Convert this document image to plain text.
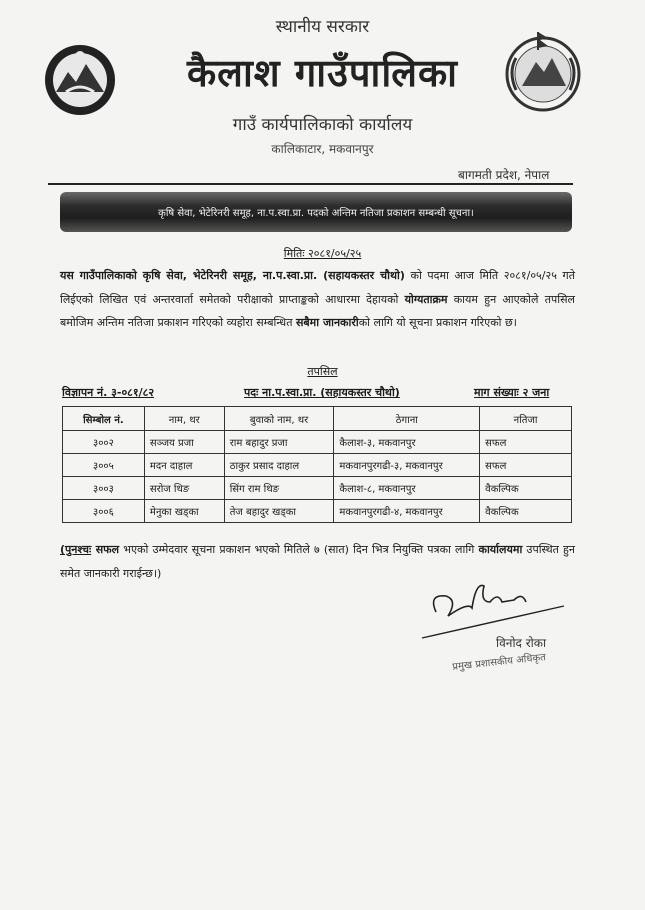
स्थानीय सरकार
कैलाश गाउँपालिका
गाउँ कार्यपालिकाको कार्यालय
कालिकाटार, मकवानपुर
बागमती प्रदेश, नेपाल
कृषि सेवा, भेटेरिनरी समूह, ना.प.स्वा.प्रा. पदको अन्तिम नतिजा प्रकाशन सम्बन्धी सूचना।
मितिः २०८१/०५/२५
यस गाउँपालिकाको कृषि सेवा, भेटेरिनरी समूह, ना.प.स्वा.प्रा. (सहायकस्तर चौथो) को पदमा आज मिति २०८१/०५/२५ गते लिईएको लिखित एवं अन्तरवार्ता समेतको परीक्षाको प्राप्ताङ्कको आधारमा देहायको योग्यताक्रम कायम हुन आएकोले तपसिल बमोजिम अन्तिम नतिजा प्रकाशन गरिएको व्यहोरा सम्बन्धित सबैमा जानकारीको लागि यो सूचना प्रकाशन गरिएको छ।
तपसिल
विज्ञापन नं. ३-०८१/८२	पदः ना.प.स्वा.प्रा. (सहायकस्तर चौथो)	माग संख्याः २ जना
सिम्बोल नं.	नाम, थर	बुवाको नाम, थर	ठेगाना	नतिजा
३००२	सञ्जय प्रजा	राम बहादुर प्रजा	कैलाश-३, मकवानपुर	सफल
३००५	मदन दाहाल	ठाकुर प्रसाद दाहाल	मकवानपुरगढी-३, मकवानपुर	सफल
३००३	सरोज थिङ	सिंग राम थिङ	कैलाश-८, मकवानपुर	वैकल्पिक
३००६	मेनुका खड्का	तेज बहादुर खड्का	मकवानपुरगढी-४, मकवानपुर	वैकल्पिक
(पुनश्चः सफल भएको उम्मेदवार सूचना प्रकाशन भएको मितिले ७ (सात) दिन भित्र नियुक्ति पत्रका लागि कार्यालयमा उपस्थित हुन समेत जानकारी गराईन्छ।)
विनोद रोका
प्रमुख प्रशासकीय अधिकृत
